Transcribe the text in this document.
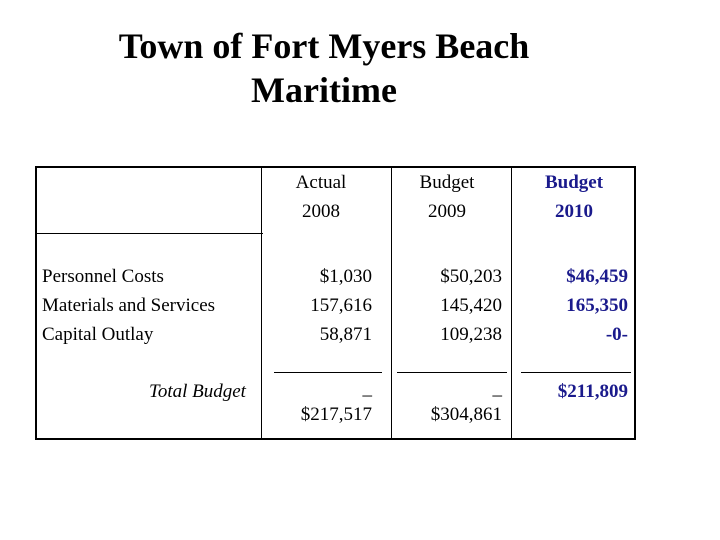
Town of Fort Myers Beach
Maritime
Actual
2008
Budget
2009
Budget
2010
Personnel Costs
Materials and Services
Capital Outlay
Total Budget
$1,030
157,616
58,871
$50,203
145,420
109,238
$46,459
165,350
-0-
_
$217,517
_
$304,861
$211,809
